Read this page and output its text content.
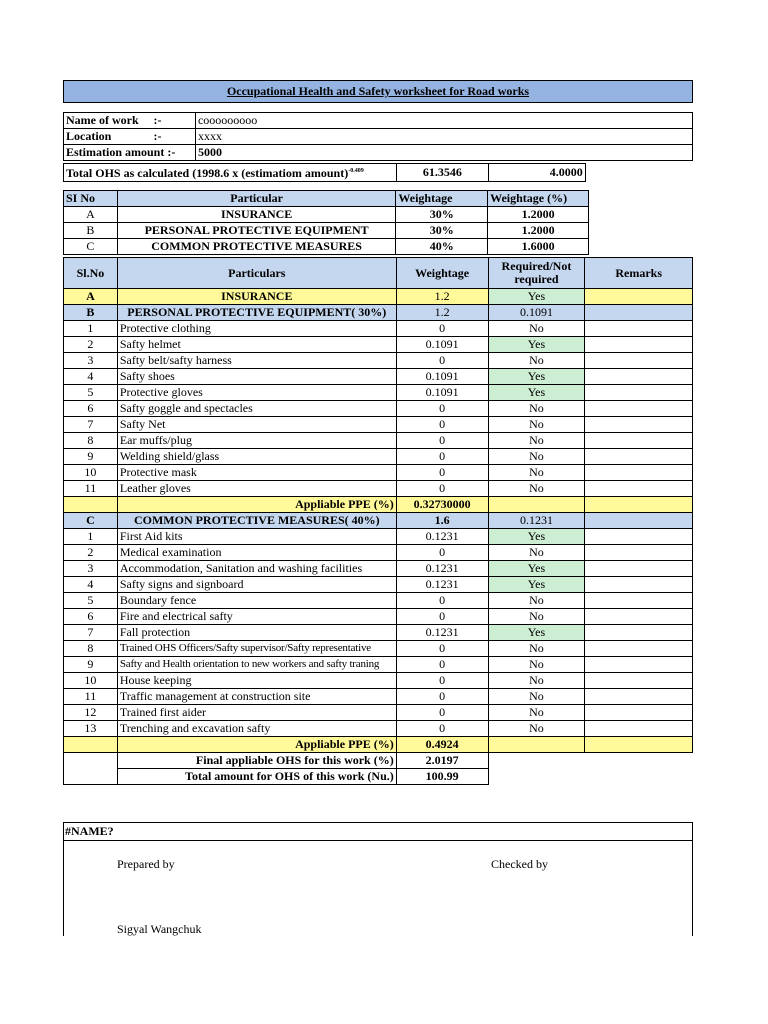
Occupational Health and Safety worksheet for Road works
Name of work	:-	cooooooooo
Location	:-	xxxx
Estimation amount :-		5000
Total OHS as calculated (1998.6 x (estimatiom amount)$^{-0.409}$	61.3546	4.0000	
SI No	Particular	Weightage	Weightage (%)
A	INSURANCE	30%	1.2000
B	PERSONAL PROTECTIVE EQUIPMENT	30%	1.2000
C	COMMON PROTECTIVE MEASURES	40%	1.6000
Sl.No	Particulars	Weightage	Required/Not required	Remarks
A	INSURANCE	1.2	Yes	
B	PERSONAL PROTECTIVE EQUIPMENT( 30%)	1.2	0.1091	
1	Protective clothing	0	No	
2	Safty helmet	0.1091	Yes	
3	Safty belt/safty harness	0	No	
4	Safty shoes	0.1091	Yes	
5	Protective gloves	0.1091	Yes	
6	Safty goggle and spectacles	0	No	
7	Safty Net	0	No	
8	Ear muffs/plug	0	No	
9	Welding shield/glass	0	No	
10	Protective mask	0	No	
11	Leather gloves	0	No	
	Appliable PPE (%)	0.32730000		
C	COMMON PROTECTIVE MEASURES( 40%)	1.6	0.1231	
1	First Aid kits	0.1231	Yes	
2	Medical examination	0	No	
3	Accommodation, Sanitation and washing facilities	0.1231	Yes	
4	Safty signs and signboard	0.1231	Yes	
5	Boundary fence	0	No	
6	Fire and electrical safty	0	No	
7	Fall protection	0.1231	Yes	
8	Trained OHS Officers/Safty supervisor/Safty representative	0	No	
9	Safty and Health orientation to new workers and safty traning	0	No	
10	House keeping	0	No	
11	Traffic management at construction site	0	No	
12	Trained first aider	0	No	
13	Trenching and excavation safty	0	No	
	Appliable PPE (%)	0.4924		
	Final appliable OHS for this work (%)	2.0197		
	Total amount for OHS of this work (Nu.)	100.99		
#NAME?
Prepared by	Checked by
Sigyal Wangchuk
